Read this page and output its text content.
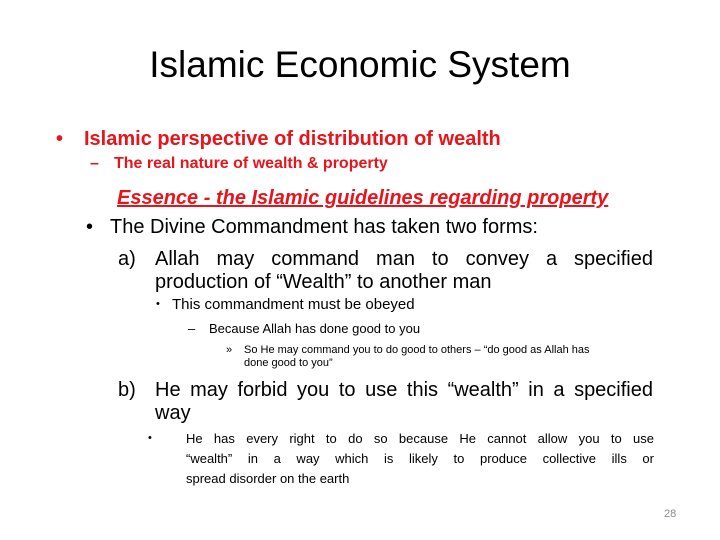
Islamic Economic System
• Islamic perspective of distribution of wealth
– The real nature of wealth & property
Essence - the Islamic guidelines regarding property
• The Divine Commandment has taken two forms:
a) Allah may command man to convey a specified
production of “Wealth” to another man
• This commandment must be obeyed
– Because Allah has done good to you
» So He may command you to do good to others – “do good as Allah has
done good to you”
b) He may forbid you to use this “wealth” in a specified
way
•	He has every right to do so because He cannot allow you to use
“wealth” in a way which is likely to produce collective ills or
spread disorder on the earth
28
